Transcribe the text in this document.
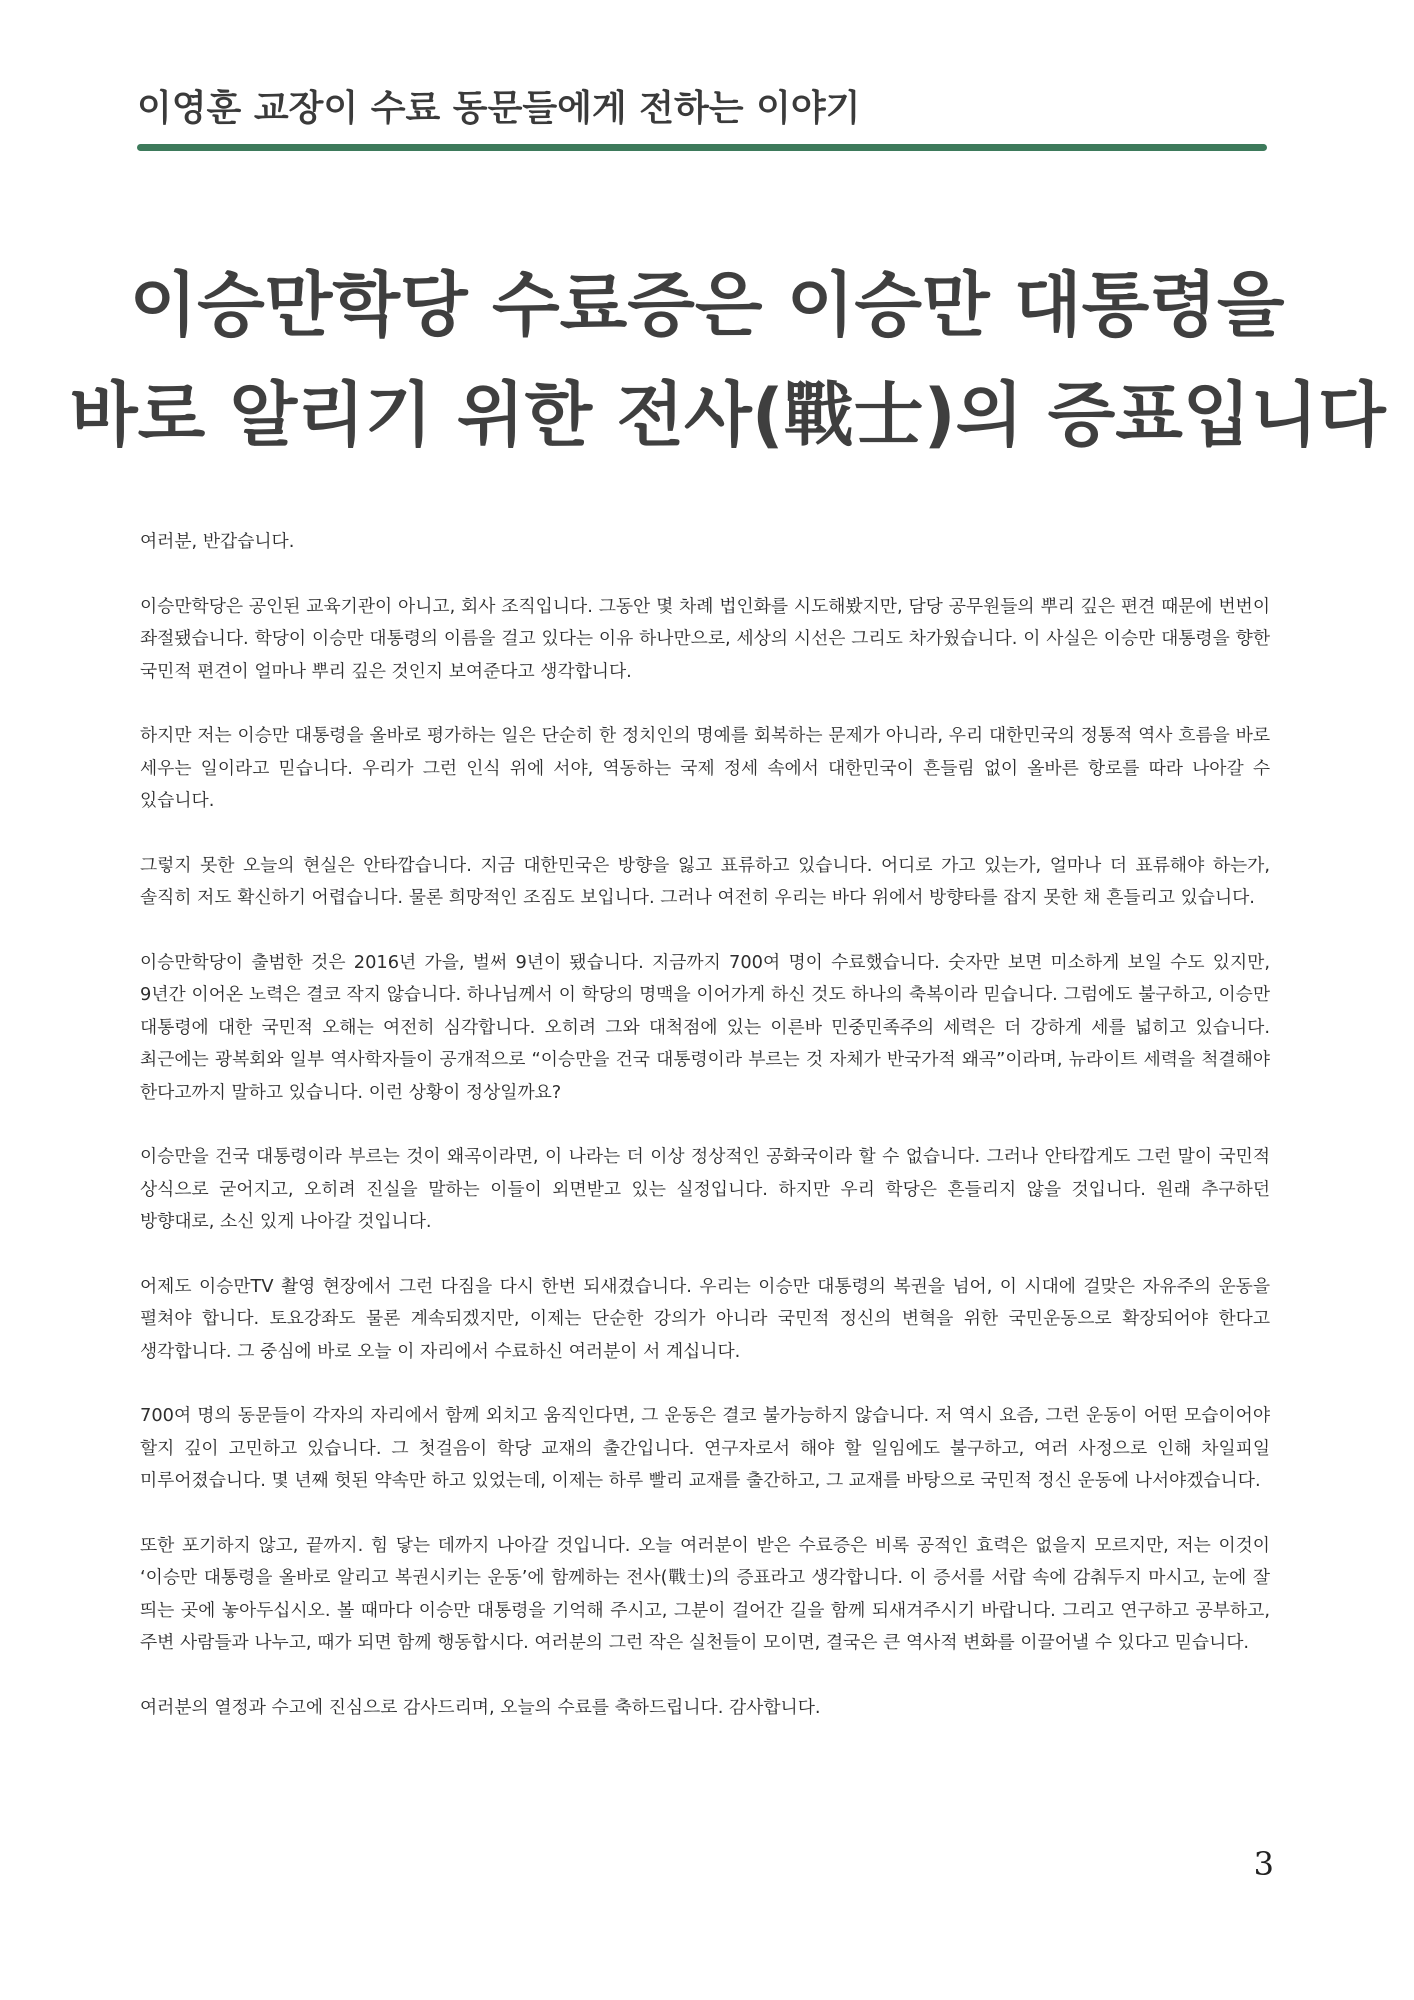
이영훈 교장이 수료 동문들에게 전하는 이야기
이승만학당 수료증은 이승만 대통령을
바로 알리기 위한 전사(戰士)의 증표입니다

여러분, 반갑습니다.

이승만학당은 공인된 교육기관이 아니고, 회사 조직입니다. 그동안 몇 차례 법인화를 시도해봤지만, 담당 공무원들의 뿌리 깊은 편견 때문에 번번이 좌절됐습니다. 학당이 이승만 대통령의 이름을 걸고 있다는 이유 하나만으로, 세상의 시선은 그리도 차가웠습니다. 이 사실은 이승만 대통령을 향한 국민적 편견이 얼마나 뿌리 깊은 것인지 보여준다고 생각합니다.

하지만 저는 이승만 대통령을 올바로 평가하는 일은 단순히 한 정치인의 명예를 회복하는 문제가 아니라, 우리 대한민국의 정통적 역사 흐름을 바로 세우는 일이라고 믿습니다. 우리가 그런 인식 위에 서야, 역동하는 국제 정세 속에서 대한민국이 흔들림 없이 올바른 항로를 따라 나아갈 수 있습니다.

그렇지 못한 오늘의 현실은 안타깝습니다. 지금 대한민국은 방향을 잃고 표류하고 있습니다. 어디로 가고 있는가, 얼마나 더 표류해야 하는가, 솔직히 저도 확신하기 어렵습니다. 물론 희망적인 조짐도 보입니다. 그러나 여전히 우리는 바다 위에서 방향타를 잡지 못한 채 흔들리고 있습니다.

이승만학당이 출범한 것은 2016년 가을, 벌써 9년이 됐습니다. 지금까지 700여 명이 수료했습니다. 숫자만 보면 미소하게 보일 수도 있지만, 9년간 이어온 노력은 결코 작지 않습니다. 하나님께서 이 학당의 명맥을 이어가게 하신 것도 하나의 축복이라 믿습니다. 그럼에도 불구하고, 이승만 대통령에 대한 국민적 오해는 여전히 심각합니다. 오히려 그와 대척점에 있는 이른바 민중민족주의 세력은 더 강하게 세를 넓히고 있습니다. 최근에는 광복회와 일부 역사학자들이 공개적으로 “이승만을 건국 대통령이라 부르는 것 자체가 반국가적 왜곡”이라며, 뉴라이트 세력을 척결해야 한다고까지 말하고 있습니다. 이런 상황이 정상일까요?

이승만을 건국 대통령이라 부르는 것이 왜곡이라면, 이 나라는 더 이상 정상적인 공화국이라 할 수 없습니다. 그러나 안타깝게도 그런 말이 국민적 상식으로 굳어지고, 오히려 진실을 말하는 이들이 외면받고 있는 실정입니다. 하지만 우리 학당은 흔들리지 않을 것입니다. 원래 추구하던 방향대로, 소신 있게 나아갈 것입니다.

어제도 이승만TV 촬영 현장에서 그런 다짐을 다시 한번 되새겼습니다. 우리는 이승만 대통령의 복권을 넘어, 이 시대에 걸맞은 자유주의 운동을 펼쳐야 합니다. 토요강좌도 물론 계속되겠지만, 이제는 단순한 강의가 아니라 국민적 정신의 변혁을 위한 국민운동으로 확장되어야 한다고 생각합니다. 그 중심에 바로 오늘 이 자리에서 수료하신 여러분이 서 계십니다.

700여 명의 동문들이 각자의 자리에서 함께 외치고 움직인다면, 그 운동은 결코 불가능하지 않습니다. 저 역시 요즘, 그런 운동이 어떤 모습이어야 할지 깊이 고민하고 있습니다. 그 첫걸음이 학당 교재의 출간입니다. 연구자로서 해야 할 일임에도 불구하고, 여러 사정으로 인해 차일피일 미루어졌습니다. 몇 년째 헛된 약속만 하고 있었는데, 이제는 하루 빨리 교재를 출간하고, 그 교재를 바탕으로 국민적 정신 운동에 나서야겠습니다.

또한 포기하지 않고, 끝까지. 힘 닿는 데까지 나아갈 것입니다. 오늘 여러분이 받은 수료증은 비록 공적인 효력은 없을지 모르지만, 저는 이것이 ‘이승만 대통령을 올바로 알리고 복권시키는 운동’에 함께하는 전사(戰士)의 증표라고 생각합니다. 이 증서를 서랍 속에 감춰두지 마시고, 눈에 잘 띄는 곳에 놓아두십시오. 볼 때마다 이승만 대통령을 기억해 주시고, 그분이 걸어간 길을 함께 되새겨주시기 바랍니다. 그리고 연구하고 공부하고, 주변 사람들과 나누고, 때가 되면 함께 행동합시다. 여러분의 그런 작은 실천들이 모이면, 결국은 큰 역사적 변화를 이끌어낼 수 있다고 믿습니다.

여러분의 열정과 수고에 진심으로 감사드리며, 오늘의 수료를 축하드립니다. 감사합니다.

3
